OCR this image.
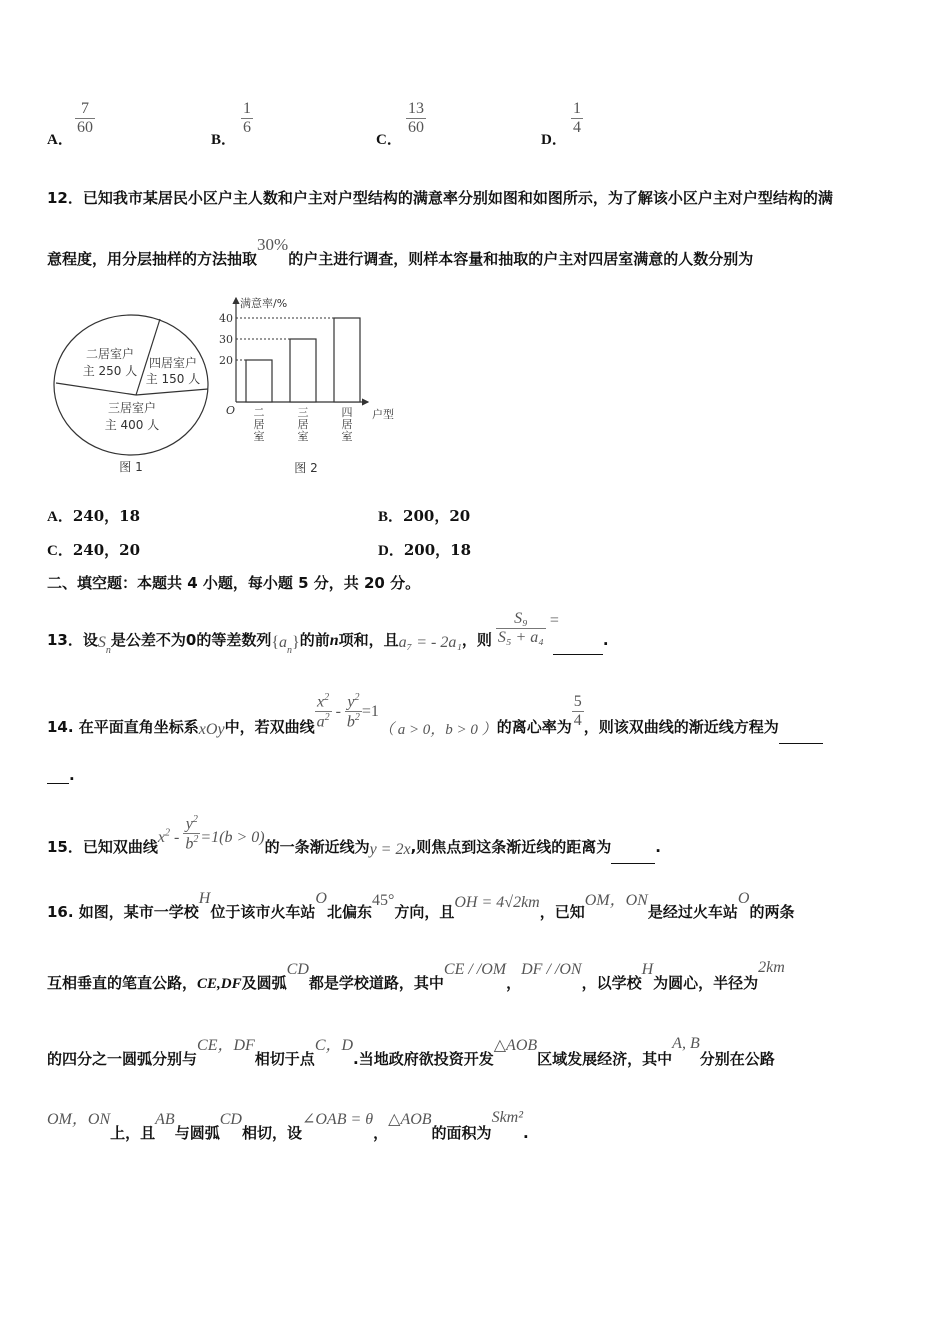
A．
$\frac{7}{60}$
B．
$\frac{1}{6}$
C．
$\frac{13}{60}$
D．
$\frac{1}{4}$
12．已知我市某居民小区户主人数和户主对户型结构的满意率分别如图和如图所示，为了解该小区户主对户型结构的满
意程度，用分层抽样的方法抽取30%的户主进行调查，则样本容量和抽取的户主对四居室满意的人数分别为
二居室户
主 250 人
四居室户
主 150 人
三居室户
主 400 人
图 1
满意率/%
户型
O
20
30
40
二
居
室
三
居
室
四
居
室
图 2
A．240，18	B．200，20
C．240，20	D．200，18
二、填空题：本题共 4 小题，每小题 5 分，共 20 分。
13．设$S_n$是公差不为0的等差数列$\{a_n\}$的前n项和，且a₇ = - 2a₁，则 $\frac{\text{S₉}}{\text{S₅ + a₄}}$ =.
14. 在平面直角坐标系xOy中，若双曲线 $\frac{x^2}{a^2} - \frac{y^2}{b^2} =1$（ a > 0，b > 0 ）的离心率为 $\frac{5}{4}$ ，则该双曲线的渐近线方程为
.
15．已知双曲线$x^2 - \frac{y^2}{b^2} =1(b > 0)$的一条渐近线为y = 2x,则焦点到这条渐近线的距离为	.
16. 如图，某市一学校H位于该市火车站O北偏东45°方向，且OH = 4√2km，已知OM，ON是经过火车站O的两条
互相垂直的笔直公路，CE,DF及圆弧CD都是学校道路，其中CE / /OM，DF / /ON，以学校H为圆心，半径为2km
的四分之一圆弧分别与CE，DF相切于点C，D.当地政府欲投资开发△AOB区域发展经济，其中A, B分别在公路
OM，ON上，且AB与圆弧CD相切，设∠OAB = θ，△AOB的面积为Skm².
